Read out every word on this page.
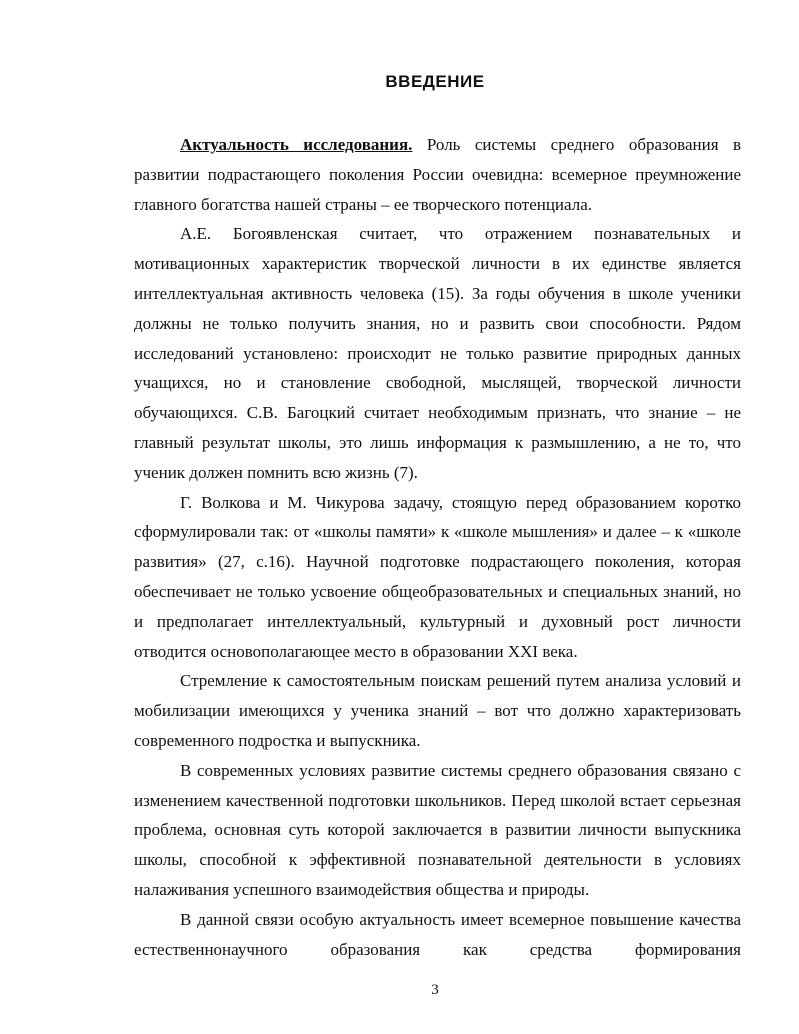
ВВЕДЕНИЕ

Актуальность исследования. Роль системы среднего образования в развитии подрастающего поколения России очевидна: всемерное преумножение главного богатства нашей страны – ее творческого потенциала.

А.Е. Богоявленская считает, что отражением познавательных и мотивационных характеристик творческой личности в их единстве является интеллектуальная активность человека (15). За годы обучения в школе ученики должны не только получить знания, но и развить свои способности. Рядом исследований установлено: происходит не только развитие природных данных учащихся, но и становление свободной, мыслящей, творческой личности обучающихся. С.В. Багоцкий считает необходимым признать, что знание – не главный результат школы, это лишь информация к размышлению, а не то, что ученик должен помнить всю жизнь (7).

Г. Волкова и М. Чикурова задачу, стоящую перед образованием коротко сформулировали так: от «школы памяти» к «школе мышления» и далее – к «школе развития» (27, с.16). Научной подготовке подрастающего поколения, которая обеспечивает не только усвоение общеобразовательных и специальных знаний, но и предполагает интеллектуальный, культурный и духовный рост личности отводится основополагающее место в образовании XXI века.

Стремление к самостоятельным поискам решений путем анализа условий и мобилизации имеющихся у ученика знаний – вот что должно характеризовать современного подростка и выпускника.

В современных условиях развитие системы среднего образования связано с изменением качественной подготовки школьников. Перед школой встает серьезная проблема, основная суть которой заключается в развитии личности выпускника школы, способной к эффективной познавательной деятельности в условиях налаживания успешного взаимодействия общества и природы.

В данной связи особую актуальность имеет всемерное повышение качества естественнонаучного образования как средства формирования

3
